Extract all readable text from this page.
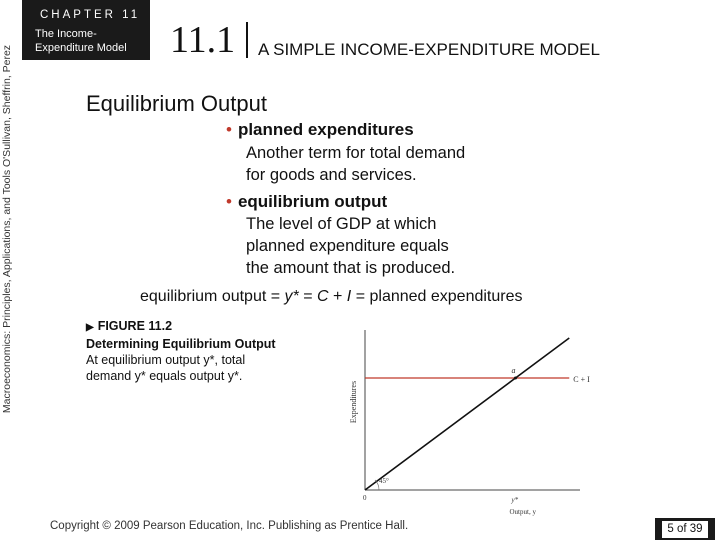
Macroeconomics: Principles, Applications, and Tools O'Sullivan, Sheffrin, Perez
CHAPTER 11
The Income-Expenditure Model	11.1 A SIMPLE INCOME-EXPENDITURE MODEL
Equilibrium Output
• planned expenditures
Another term for total demand
for goods and services.
• equilibrium output
The level of GDP at which
planned expenditure equals
the amount that is produced.
equilibrium output = y* = C + I = planned expenditures
▶ FIGURE 11.2
Determining Equilibrium Output
At equilibrium output y*, total
demand y* equals output y*.	C + I
a
y*
0
45°
Output, y
Expenditures
Copyright © 2009 Pearson Education, Inc. Publishing as Prentice Hall.	5 of 39
